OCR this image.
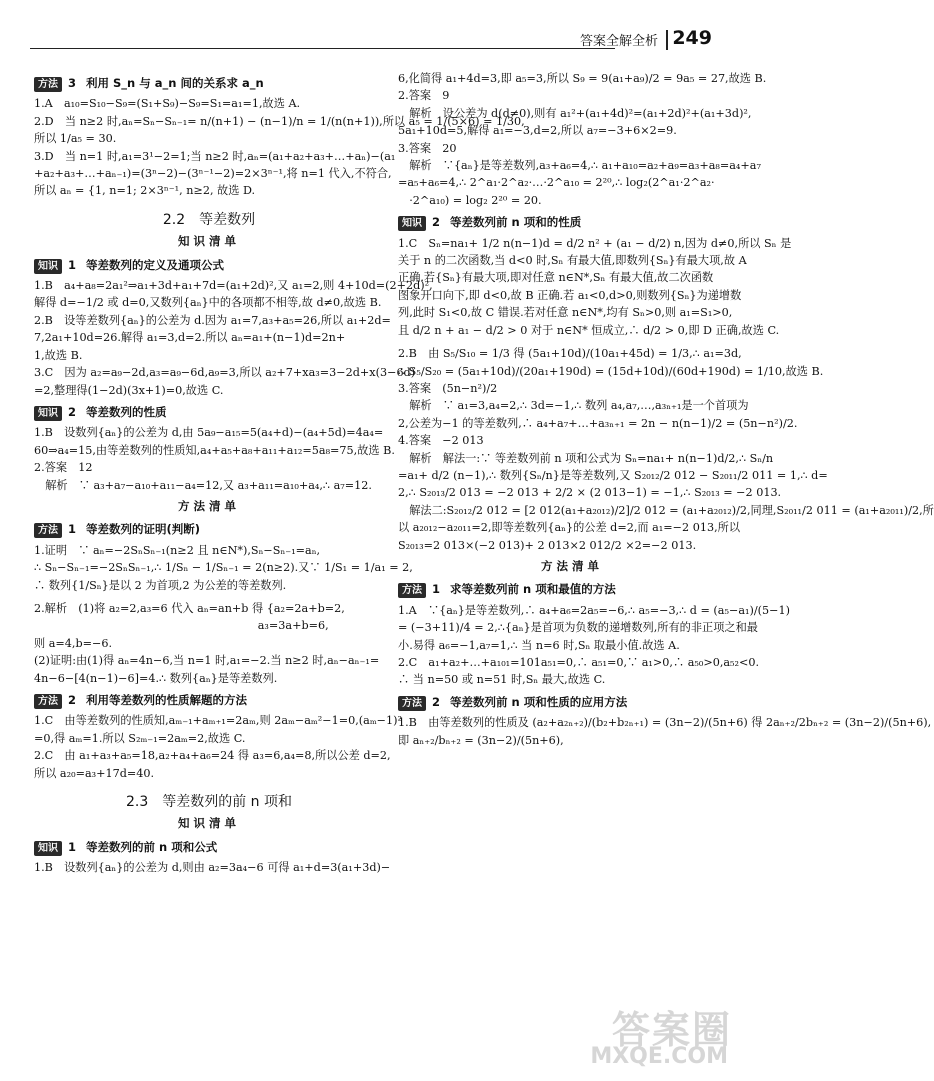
答案全解全析 249
方法 3 利用 S_n 与 a_n 间的关系求 a_n
1.A　a₁₀=S₁₀−S₉=(S₁+S₉)−S₉=S₁=a₁=1,故选 A.
2.D　当 n≥2 时,aₙ=Sₙ−Sₙ₋₁= n/(n+1) − (n−1)/n = 1/(n(n+1)),所以 a₅ = 1/(5×6) = 1/30,
所以 1/a₅ = 30.
3.D　当 n=1 时,a₁=3¹−2=1;当 n≥2 时,aₙ=(a₁+a₂+a₃+…+aₙ)−(a₁
+a₂+a₃+…+aₙ₋₁)=(3ⁿ−2)−(3ⁿ⁻¹−2)=2×3ⁿ⁻¹,将 n=1 代入,不符合,
所以 aₙ = {1, n=1; 2×3ⁿ⁻¹, n≥2, 故选 D.
2.2　等差数列
知识清单
知识 1 等差数列的定义及通项公式
1.B　a₄+a₈=2a₁²⇒a₁+3d+a₁+7d=(a₁+2d)²,又 a₁=2,则 4+10d=(2+2d)²,
解得 d=−1/2 或 d=0,又数列{aₙ}中的各项都不相等,故 d≠0,故选 B.
2.B　设等差数列{aₙ}的公差为 d.因为 a₁=7,a₃+a₅=26,所以 a₁+2d=
7,2a₁+10d=26.解得 a₁=3,d=2.所以 aₙ=a₁+(n−1)d=2n+
1,故选 B.
3.C　因为 a₂=a₉−2d,a₃=a₉−6d,a₉=3,所以 a₂+7+xa₃=3−2d+x(3−6d)
=2,整理得(1−2d)(3x+1)=0,故选 C.
知识 2 等差数列的性质
1.B　设数列{aₙ}的公差为 d,由 5a₉−a₁₅=5(a₄+d)−(a₄+5d)=4a₄=
60⇒a₄=15,由等差数列的性质知,a₄+a₅+a₈+a₁₁+a₁₂=5a₈=75,故选 B.
2.答案　12
　解析　∵ a₃+a₇−a₁₀+a₁₁−a₄=12,又 a₃+a₁₁=a₁₀+a₄,∴ a₇=12.
方法清单
方法 1 等差数列的证明(判断)
1.证明　∵ aₙ=−2SₙSₙ₋₁(n≥2 且 n∈N*),Sₙ−Sₙ₋₁=aₙ,
∴ Sₙ−Sₙ₋₁=−2SₙSₙ₋₁,∴ 1/Sₙ − 1/Sₙ₋₁ = 2(n≥2).又∵ 1/S₁ = 1/a₁ = 2,
∴ 数列{1/Sₙ}是以 2 为首项,2 为公差的等差数列.
2.解析　(1)将 a₂=2,a₃=6 代入 aₙ=an+b 得 {a₂=2a+b=2,
　　　　　　　　　　　　　　　　　　　　a₃=3a+b=6,
则 a=4,b=−6.
(2)证明:由(1)得 aₙ=4n−6,当 n=1 时,a₁=−2.当 n≥2 时,aₙ−aₙ₋₁=
4n−6−[4(n−1)−6]=4.∴ 数列{aₙ}是等差数列.
方法 2 利用等差数列的性质解题的方法
1.C　由等差数列的性质知,aₘ₋₁+aₘ₊₁=2aₘ,则 2aₘ−aₘ²−1=0,(aₘ−1)²
=0,得 aₘ=1.所以 S₂ₘ₋₁=2aₘ=2,故选 C.
2.C　由 a₁+a₃+a₅=18,a₂+a₄+a₆=24 得 a₃=6,a₄=8,所以公差 d=2,
所以 a₂₀=a₃+17d=40.
2.3　等差数列的前 n 项和
知识清单
知识 1 等差数列的前 n 项和公式
1.B　设数列{aₙ}的公差为 d,则由 a₂=3a₄−6 可得 a₁+d=3(a₁+3d)−
6,化简得 a₁+4d=3,即 a₅=3,所以 S₉ = 9(a₁+a₉)/2 = 9a₅ = 27,故选 B.
2.答案　9
　解析　设公差为 d(d≠0),则有 a₁²+(a₁+4d)²=(a₁+2d)²+(a₁+3d)²,
5a₁+10d=5,解得 a₁=−3,d=2,所以 a₇=−3+6×2=9.
3.答案　20
　解析　∵{aₙ}是等差数列,a₃+a₆=4,∴ a₁+a₁₀=a₂+a₉=a₃+a₈=a₄+a₇
=a₅+a₆=4,∴ 2^a₁·2^a₂·…·2^a₁₀ = 2²⁰,∴ log₂(2^a₁·2^a₂·
　·2^a₁₀) = log₂ 2²⁰ = 20.
知识 2 等差数列前 n 项和的性质
1.C　Sₙ=na₁+ 1/2 n(n−1)d = d/2 n² + (a₁ − d/2) n,因为 d≠0,所以 Sₙ 是
关于 n 的二次函数,当 d<0 时,Sₙ 有最大值,即数列{Sₙ}有最大项,故 A
正确.若{Sₙ}有最大项,即对任意 n∈N*,Sₙ 有最大值,故二次函数
图象开口向下,即 d<0,故 B 正确.若 a₁<0,d>0,则数列{Sₙ}为递增数
列,此时 S₁<0,故 C 错误.若对任意 n∈N*,均有 Sₙ>0,则 a₁=S₁>0,
且 d/2 n + a₁ − d/2 > 0 对于 n∈N* 恒成立,∴ d/2 > 0,即 D 正确,故选 C.
2.B　由 S₅/S₁₀ = 1/3 得 (5a₁+10d)/(10a₁+45d) = 1/3,∴ a₁=3d,
∴ S₅/S₂₀ = (5a₁+10d)/(20a₁+190d) = (15d+10d)/(60d+190d) = 1/10,故选 B.
3.答案　(5n−n²)/2
　解析　∵ a₁=3,a₄=2,∴ 3d=−1,∴ 数列 a₄,a₇,…,a₃ₙ₊₁是一个首项为
2,公差为−1 的等差数列,∴ a₄+a₇+…+a₃ₙ₊₁ = 2n − n(n−1)/2 = (5n−n²)/2.
4.答案　−2 013
　解析　解法一:∵ 等差数列前 n 项和公式为 Sₙ=na₁+ n(n−1)d/2,∴ Sₙ/n
=a₁+ d/2 (n−1),∴ 数列{Sₙ/n}是等差数列,又 S₂₀₁₂/2 012 − S₂₀₁₁/2 011 = 1,∴ d=
2,∴ S₂₀₁₃/2 013 = −2 013 + 2/2 × (2 013−1) = −1,∴ S₂₀₁₃ = −2 013.
　解法二:S₂₀₁₂/2 012 = [2 012(a₁+a₂₀₁₂)/2]/2 012 = (a₁+a₂₀₁₂)/2,同理,S₂₀₁₁/2 011 = (a₁+a₂₀₁₁)/2,所
以 a₂₀₁₂−a₂₀₁₁=2,即等差数列{aₙ}的公差 d=2,而 a₁=−2 013,所以
S₂₀₁₃=2 013×(−2 013)+ 2 013×2 012/2 ×2=−2 013.
方法清单
方法 1 求等差数列前 n 项和最值的方法
1.A　∵{aₙ}是等差数列,∴ a₄+a₆=2a₅=−6,∴ a₅=−3,∴ d = (a₅−a₁)/(5−1)
= (−3+11)/4 = 2,∴{aₙ}是首项为负数的递增数列,所有的非正项之和最
小.易得 a₆=−1,a₇=1,∴ 当 n=6 时,Sₙ 取最小值.故选 A.
2.C　a₁+a₂+…+a₁₀₁=101a₅₁=0,∴ a₅₁=0,∵ a₁>0,∴ a₅₀>0,a₅₂<0.
∴ 当 n=50 或 n=51 时,Sₙ 最大,故选 C.
方法 2 等差数列前 n 项和性质的应用方法
1.B　由等差数列的性质及 (a₂+a₂ₙ₊₂)/(b₂+b₂ₙ₊₁) = (3n−2)/(5n+6) 得 2aₙ₊₂/2bₙ₊₂ = (3n−2)/(5n+6),
即 aₙ₊₂/bₙ₊₂ = (3n−2)/(5n+6),
答案圈
MXQE.COM
